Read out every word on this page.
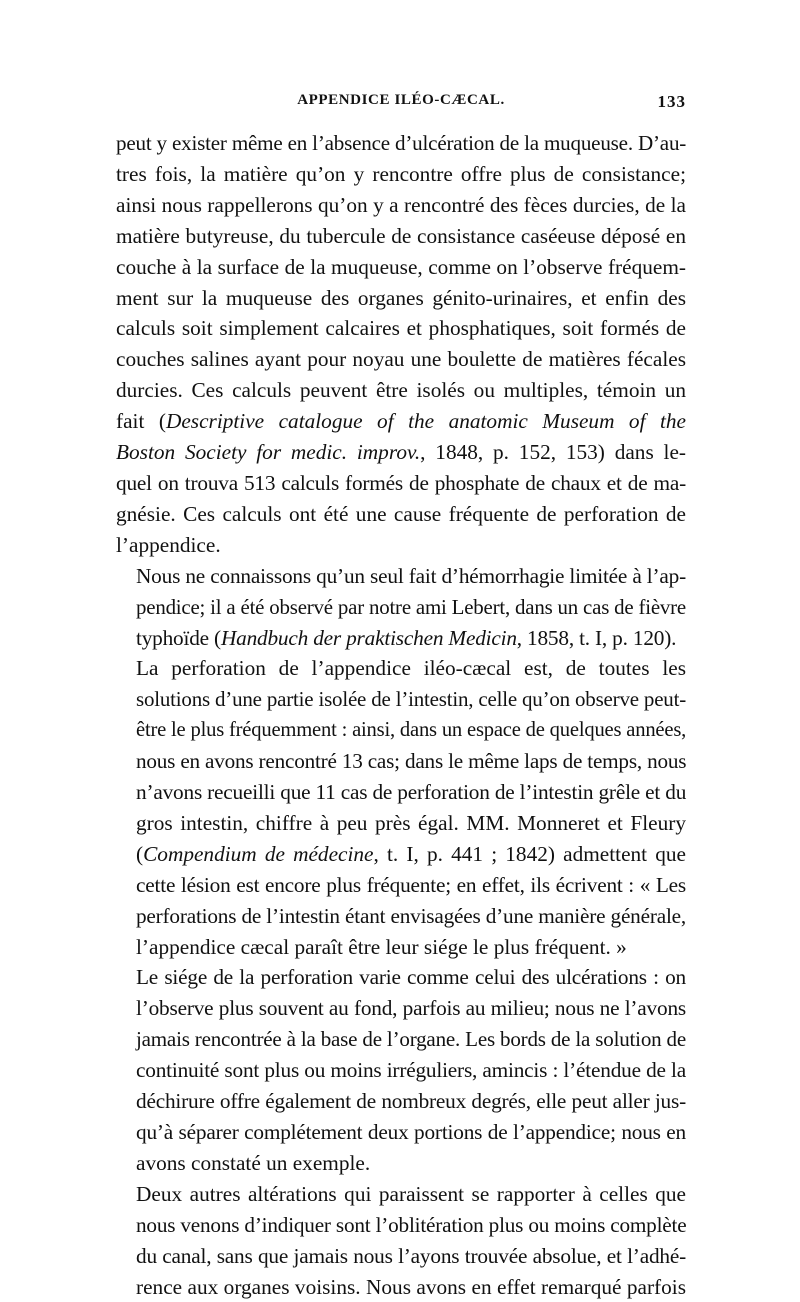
APPENDICE ILÉO-CÆCAL.	133

peut y exister même en l’absence d’ulcération de la muqueuse. D’au-
tres fois, la matière qu’on y rencontre offre plus de consistance;
ainsi nous rappellerons qu’on y a rencontré des fèces durcies, de la
matière butyreuse, du tubercule de consistance caséeuse déposé en
couche à la surface de la muqueuse, comme on l’observe fréquem-
ment sur la muqueuse des organes génito-urinaires, et enfin des
calculs soit simplement calcaires et phosphatiques, soit formés de
couches salines ayant pour noyau une boulette de matières fécales
durcies. Ces calculs peuvent être isolés ou multiples, témoin un
fait (Descriptive catalogue of the anatomic Museum of the
Boston Society for medic. improv., 1848, p. 152, 153) dans le-
quel on trouva 513 calculs formés de phosphate de chaux et de ma-
gnésie. Ces calculs ont été une cause fréquente de perforation de
l’appendice.

Nous ne connaissons qu’un seul fait d’hémorrhagie limitée à l’ap-
pendice; il a été observé par notre ami Lebert, dans un cas de fièvre
typhoïde (Handbuch der praktischen Medicin, 1858, t. I, p. 120).

La perforation de l’appendice iléo-cæcal est, de toutes les
solutions d’une partie isolée de l’intestin, celle qu’on observe peut-
être le plus fréquemment : ainsi, dans un espace de quelques années,
nous en avons rencontré 13 cas; dans le même laps de temps, nous
n’avons recueilli que 11 cas de perforation de l’intestin grêle et du
gros intestin, chiffre à peu près égal. MM. Monneret et Fleury
(Compendium de médecine, t. I, p. 441 ; 1842) admettent que
cette lésion est encore plus fréquente; en effet, ils écrivent : « Les
perforations de l’intestin étant envisagées d’une manière générale,
l’appendice cæcal paraît être leur siége le plus fréquent. »

Le siége de la perforation varie comme celui des ulcérations : on
l’observe plus souvent au fond, parfois au milieu; nous ne l’avons
jamais rencontrée à la base de l’organe. Les bords de la solution de
continuité sont plus ou moins irréguliers, amincis : l’étendue de la
déchirure offre également de nombreux degrés, elle peut aller jus-
qu’à séparer complétement deux portions de l’appendice; nous en
avons constaté un exemple.

Deux autres altérations qui paraissent se rapporter à celles que
nous venons d’indiquer sont l’oblitération plus ou moins complète
du canal, sans que jamais nous l’ayons trouvée absolue, et l’adhé-
rence aux organes voisins. Nous avons en effet remarqué parfois
